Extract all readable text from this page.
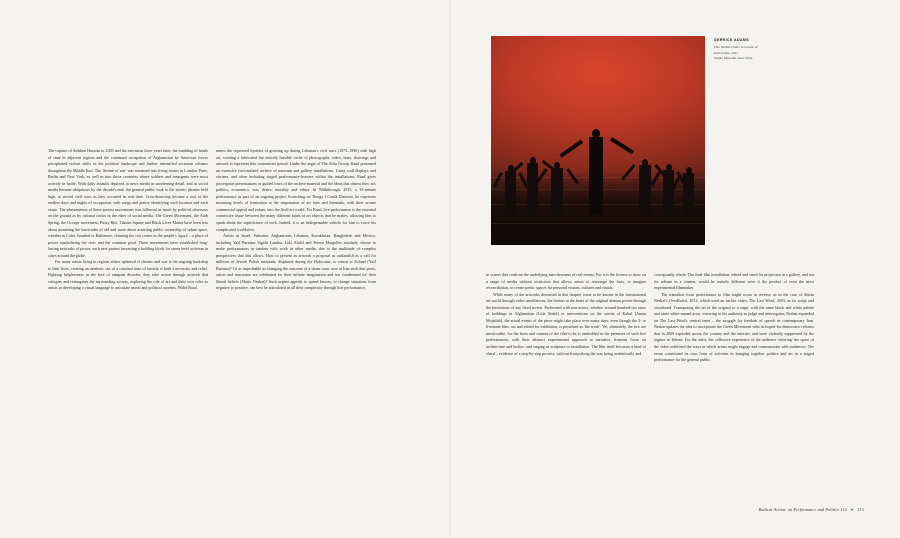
The capture of Saddam Hussein in 2003 and his execution three years later, the tumbling of heads of state in adjacent regions and the continued occupation of Afghanistan by American forces precipitated violent shifts in the political landscape and further intensified sectarian schisms throughout the Middle East. The 'theatre of war' was streamed into living rooms in London, Paris, Berlin and New York, as well as into those countries where soldiers and insurgents were most actively in battle. With daily assaults depicted in news media in unrelenting detail, and as social media became ubiquitous by the decade's end, the general public took to the streets, phones held high, to record civil wars as they occurred in real time. Crowdsourcing became a tool of the endless days and nights of occupation, with songs and poetry identifying each location and each cause. The phenomenon of these protest movements was followed as much by political observers on the ground as by cultural critics in the ether of social media. The Green Movement, the Arab Spring, the Occupy movement, Pussy Riot, Taksim Square and Black Lives Matter have been less about mounting the barricades of old and more about asserting public ownership of urban space, whether in Cairo, Istanbul or Baltimore, claiming the city centre as the people's 'agora' – a place of power symbolizing the civic and the common good. These movements have established long-lasting networks of power, each new protest becoming a building block for street level activism in cities around the globe.

For many artists living in regions where upheaval is chronic and war is the ongoing backdrop to their lives, creating an aesthetic out of a constant state of anxiety is both a necessity and relief. Fighting helplessness in the face of rampant disorder, they take action through artwork that critiques and reimagines the surrounding society, exploring the role of art and their own roles as artists in developing a visual language to articulate moral and political currents. Walid Raad

mines the repressed hysteria of growing up during Lebanon's civil wars (1975–1990) with high art, creating a fabricated but entirely feasible cache of photographs, video, texts, drawings and artwork to represent this contentious period. Under the aegis of The Atlas Group, Raad presented an extensive fictionalized archive of museum and gallery installations. Using wall displays and vitrines, and often including staged performance-lectures within the installations, Raad gives powerpoint presentations or guided tours of the archive material and the ideas that obsess him: art, politics, economics, war, desire, morality and ethics. In Walkthrough, 2015, a 35-minute performance as part of an ongoing project Scratching on Things I Could Disavow, he expresses mounting levels of frustration at the importation of art fairs and biennials, with their arcane commercial appeal and values, into the Arab art world. For Raad, live performance is the essential connective tissue between the many different kinds of art objects that he makes, allowing him to speak about the significance of each. Indeed, it is an indispensable vehicle for him to voice his complicated worldview.

Artists in Israel, Palestine, Afghanistan, Lebanon, Kazakhstan, Bangladesh and Mexico, including Yael Bartana, Sigalit Landau, Lida Abdul and Teresa Margolles similarly choose to make performances in tandem with work in other media, due to the multitude of complex perspectives that this allows. How to present as artwork a proposal as outlandish as a call for millions of Jewish Polish nationals, displaced during the Holocaust, to return to Poland (Yael Bartana)? Or as improbable as changing the outcome of a sham court case in Iran such that poets, artists and musicians are celebrated for their infinite imagination and not condemned for their liberal beliefs (Shirin Neshat)? Such urgent appeals to upend history, to change situations from negative to positive, can best be articulated in all their complexity through live performance,

in scenes that confront the underlying mercilessness of real events. For it is the licence to draw on a range of media without restriction that allows artists to rearrange the facts, to imagine reconciliation, to create poetic spaces for personal visions, cultures and rituals.

While many of the artworks discussed in this chapter come to be known in the international art world through video installations, the livenss at the heart of the original dramas power through the limitations of any fixed screen. Performed with non-actors, whether around bombed-out ruins of buildings in Afghanistan (Lida Abdul) or interventions on the streets of Kabul (Aman Mojadidi), the actual events of the piece might take place over many days, even though the 3- or 6-minute film, cut and edited for exhibition, is presented as 'the work'. Yet, ultimately, the two are inextricable, for the form and content of the film-to-be is embedded in the premises of such live performances, with their abstract experimental approach to narrative, frequent focus on architecture and bodies, and staging as sculpture or installation. The film itself becomes a kind of shard – evidence of a step-by-step process, with each step along the way being aesthetically and

conceptually whole. The final film installation, edited and sized for projection in a gallery, and not for release in a cinema, would be entirely different were it the product of even the most experimental filmmaker.

The transition from performance to film might occur in reverse, as in the case of Shirin Neshat's OverRuled, 2012, which used an earlier video, The Last Word, 2003, as its script and storyboard. Transposing the set of the original to a stage, with the same black and white palette and same white-maned actor, towering in his authority as judge and interrogator, Neshat expanded on The Last Word's central tenet – the struggle for freedom of speech in contemporary Iran. Neshat updates the idea to incorporate the Green Movement with its hoped-for democratic reforms that in 2009 exploded across the country and the internet, and were violently suppressed by the regime in Tehran. For the artist, the collective experience of the audience 'entering' the space of the video redefined the ways in which artists might engage and communicate with audiences. The event constituted its own form of activism in bringing together politics and art in a staged performance for the general public.

DERRICK ADAMS
One Nation Under a Groove of
Instruction, 2011
Studio Museum, New York.
Radical Action: on Performance and Politics 112 ❧ 113
